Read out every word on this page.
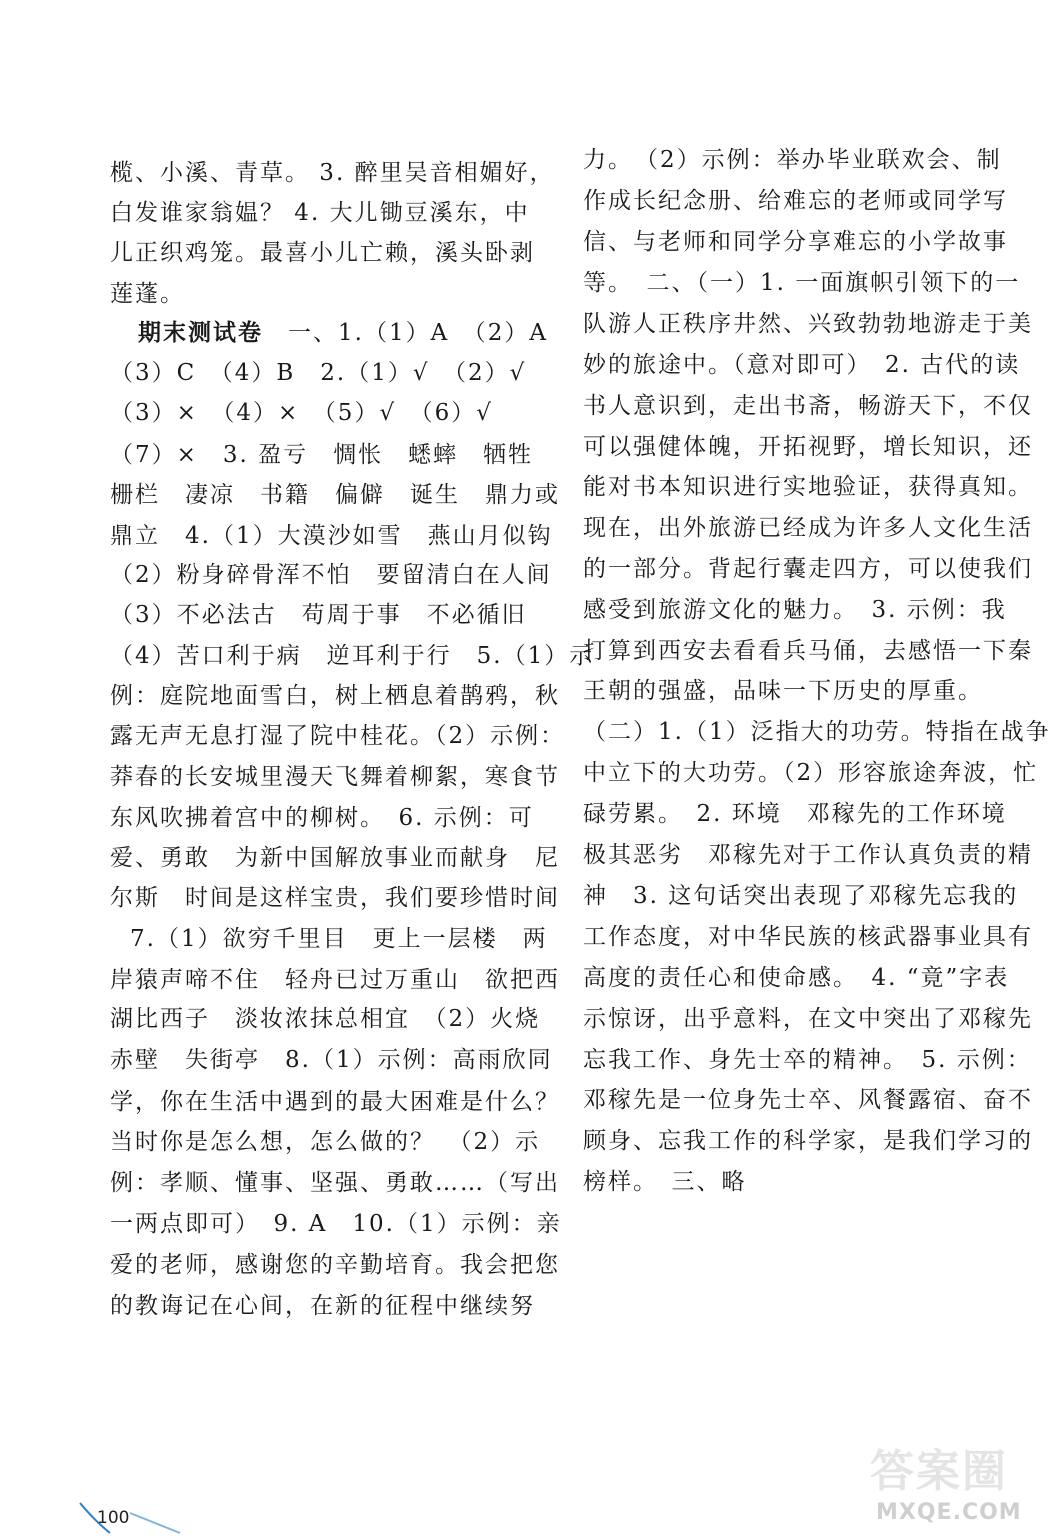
榄、小溪、青草。 3. 醉里吴音相媚好，
白发谁家翁媪？ 4. 大儿锄豆溪东，中
儿正织鸡笼。最喜小儿亡赖，溪头卧剥
莲蓬。
期末测试卷　一、1.（1）A　（2）A
（3）C　（4）B　2.（1）√　（2）√
（3）×　（4）×　（5）√　（6）√
（7）×　3. 盈亏　惆怅　蟋蟀　牺牲
栅栏　凄凉　书籍　偏僻　诞生　鼎力或
鼎立　4.（1）大漠沙如雪　燕山月似钩
（2）粉身碎骨浑不怕　要留清白在人间
（3）不必法古　苟周于事　不必循旧
（4）苦口利于病　逆耳利于行　5.（1）示
例：庭院地面雪白，树上栖息着鹊鸦，秋
露无声无息打湿了院中桂花。（2）示例：
莽春的长安城里漫天飞舞着柳絮，寒食节
东风吹拂着宫中的柳树。　6. 示例：可
爱、勇敢　为新中国解放事业而献身　尼
尔斯　时间是这样宝贵，我们要珍惜时间
7.（1）欲穷千里目　更上一层楼　两
岸猿声啼不住　轻舟已过万重山　欲把西
湖比西子　淡妆浓抹总相宜　（2）火烧
赤壁　失街亭　8.（1）示例：高雨欣同
学，你在生活中遇到的最大困难是什么？
当时你是怎么想，怎么做的？　（2）示
例：孝顺、懂事、坚强、勇敢……（写出
一两点即可）　9. A　10.（1）示例：亲
爱的老师，感谢您的辛勤培育。我会把您
的教诲记在心间，在新的征程中继续努
力。　（2）示例：举办毕业联欢会、制
作成长纪念册、给难忘的老师或同学写
信、与老师和同学分享难忘的小学故事
等。　二、（一）1. 一面旗帜引领下的一
队游人正秩序井然、兴致勃勃地游走于美
妙的旅途中。（意对即可）　2. 古代的读
书人意识到，走出书斋，畅游天下，不仅
可以强健体魄，开拓视野，增长知识，还
能对书本知识进行实地验证，获得真知。
现在，出外旅游已经成为许多人文化生活
的一部分。背起行囊走四方，可以使我们
感受到旅游文化的魅力。　3. 示例：我
打算到西安去看看兵马俑，去感悟一下秦
王朝的强盛，品味一下历史的厚重。
（二）1.（1）泛指大的功劳。特指在战争
中立下的大功劳。（2）形容旅途奔波，忙
碌劳累。　2. 环境　邓稼先的工作环境
极其恶劣　邓稼先对于工作认真负责的精
神　3. 这句话突出表现了邓稼先忘我的
工作态度，对中华民族的核武器事业具有
高度的责任心和使命感。　4. “竟”字表
示惊讶，出乎意料，在文中突出了邓稼先
忘我工作、身先士卒的精神。　5. 示例：
邓稼先是一位身先士卒、风餐露宿、奋不
顾身、忘我工作的科学家，是我们学习的
榜样。　三、略
100
答案圈
MXQE.COM
